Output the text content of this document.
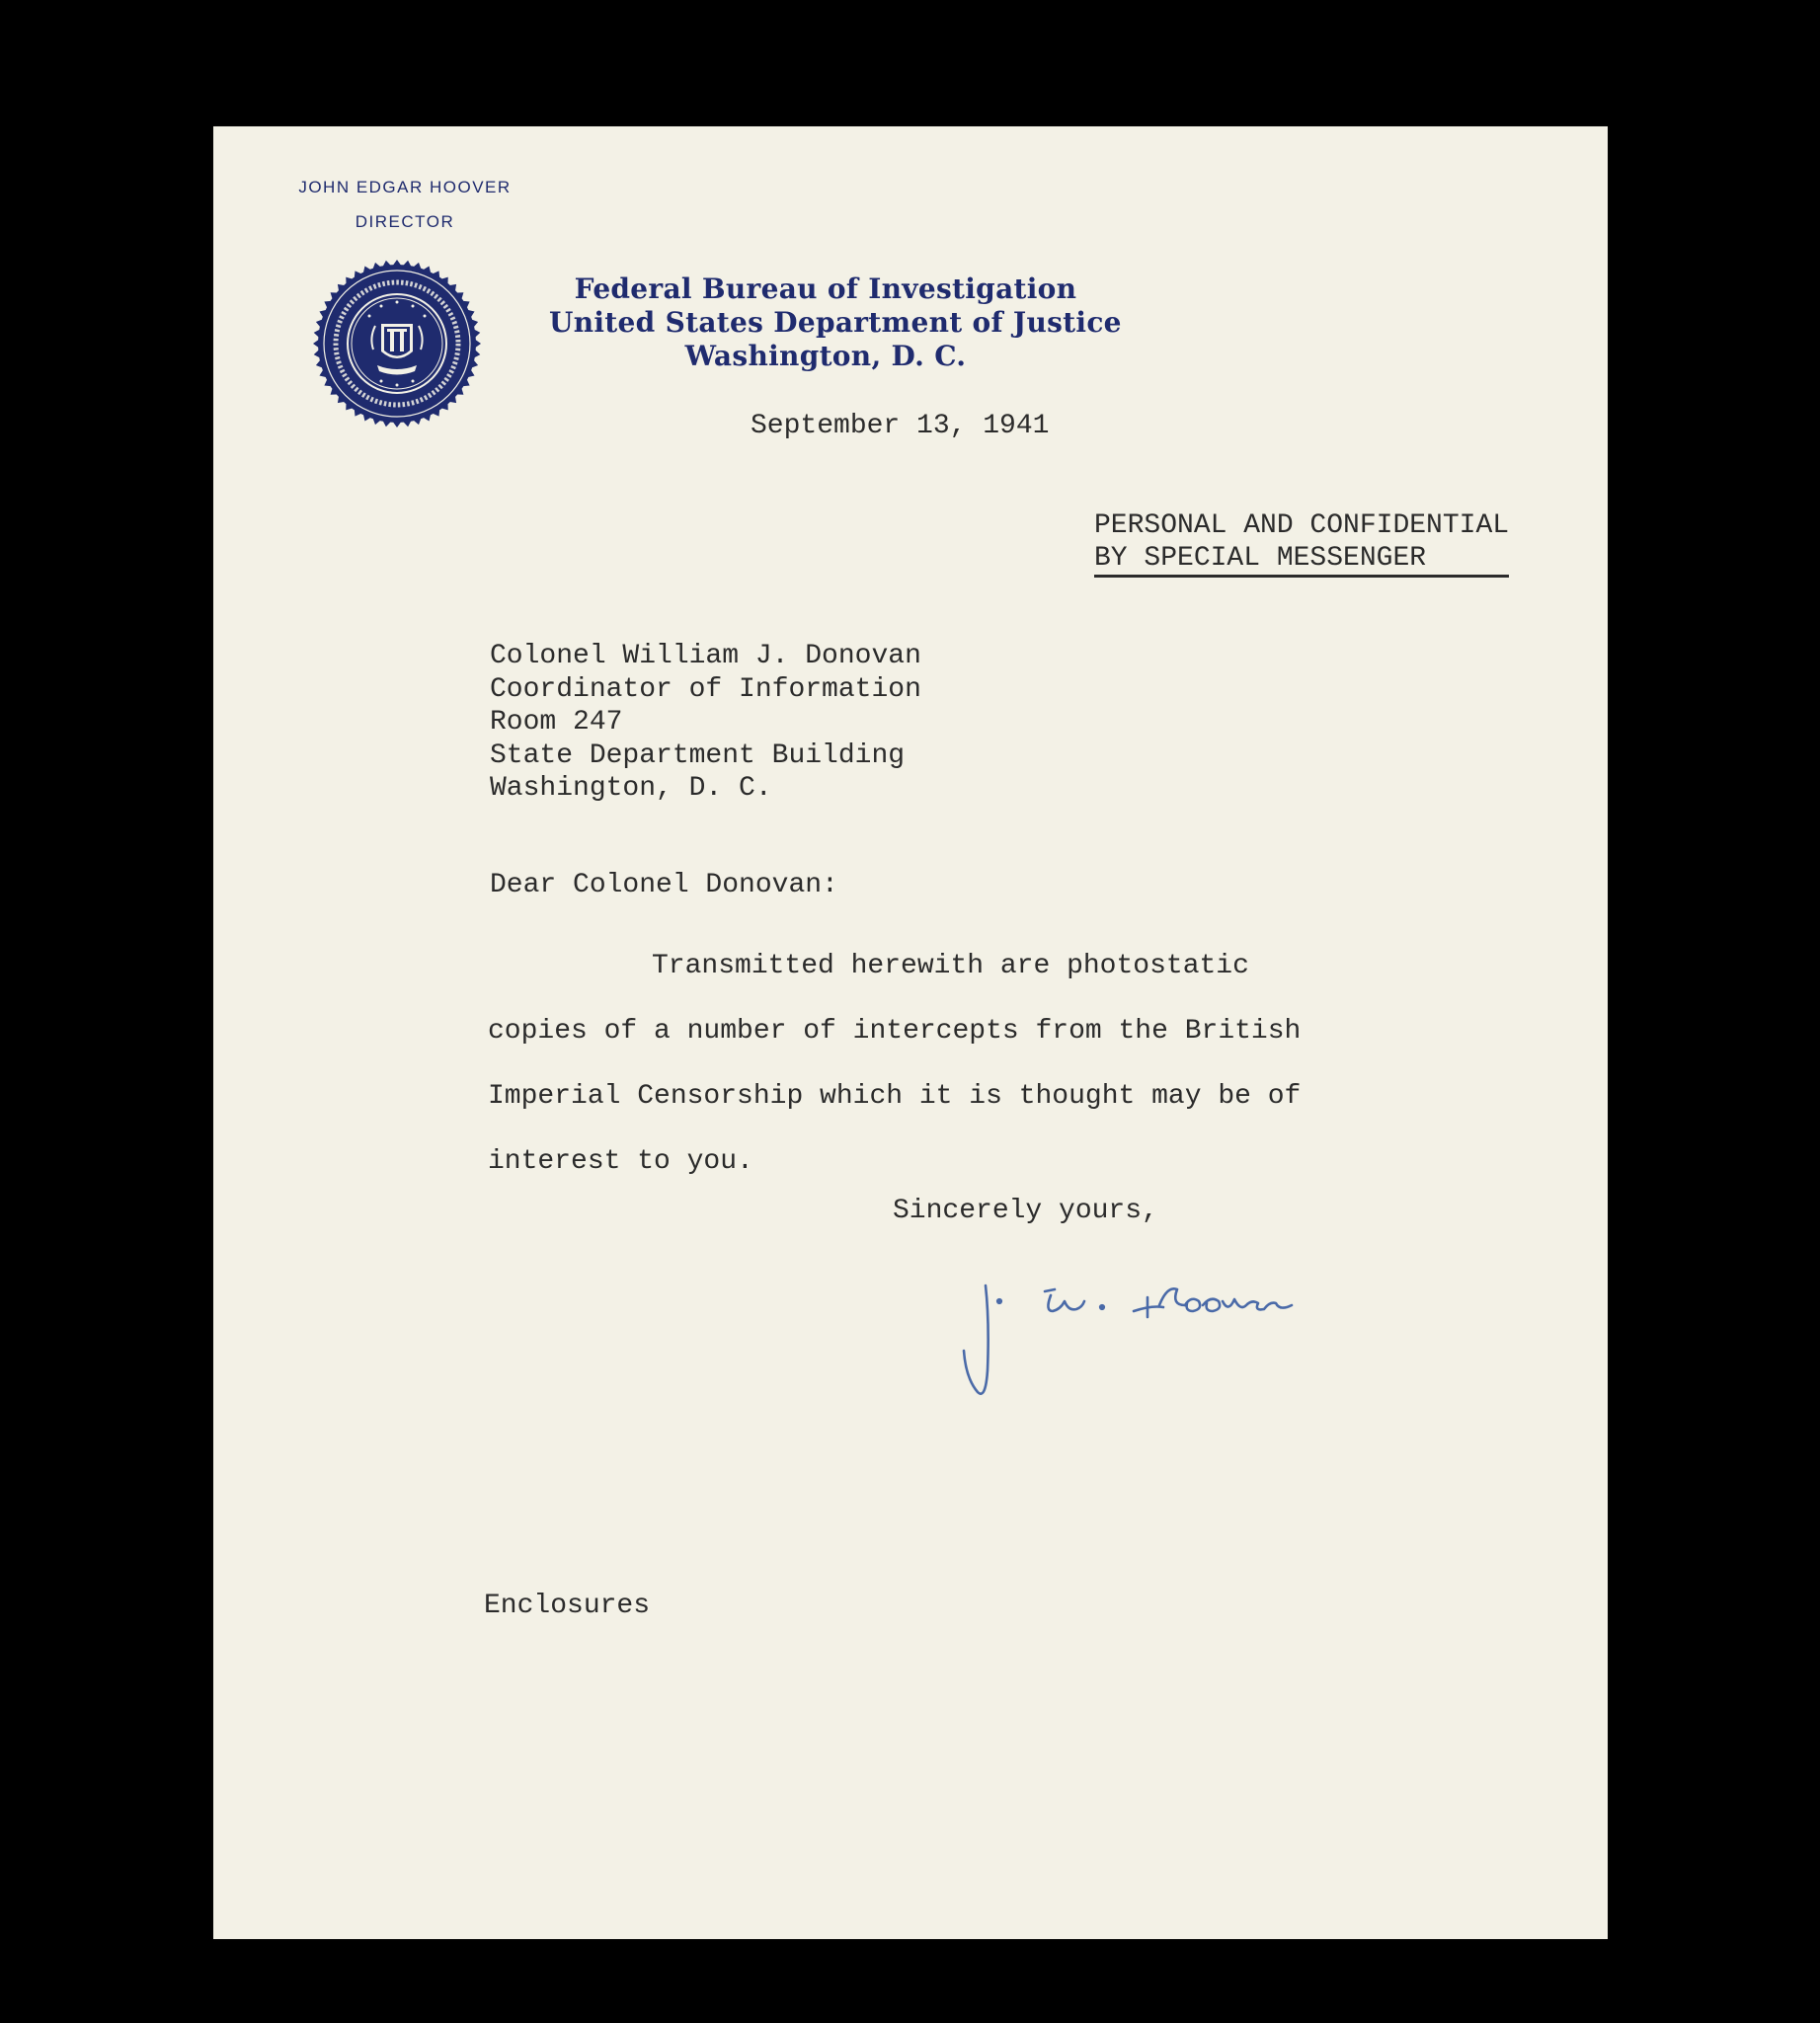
JOHN EDGAR HOOVER
DIRECTOR
Federal Bureau of Investigation
United States Department of Justice
Washington, D. C.
September 13, 1941
PERSONAL AND CONFIDENTIAL
BY SPECIAL MESSENGER
Colonel William J. Donovan
Coordinator of Information
Room 247
State Department Building
Washington, D. C.
Dear Colonel Donovan:
Transmitted herewith are photostatic
copies of a number of intercepts from the British
Imperial Censorship which it is thought may be of
interest to you.
Sincerely yours,
Enclosures
